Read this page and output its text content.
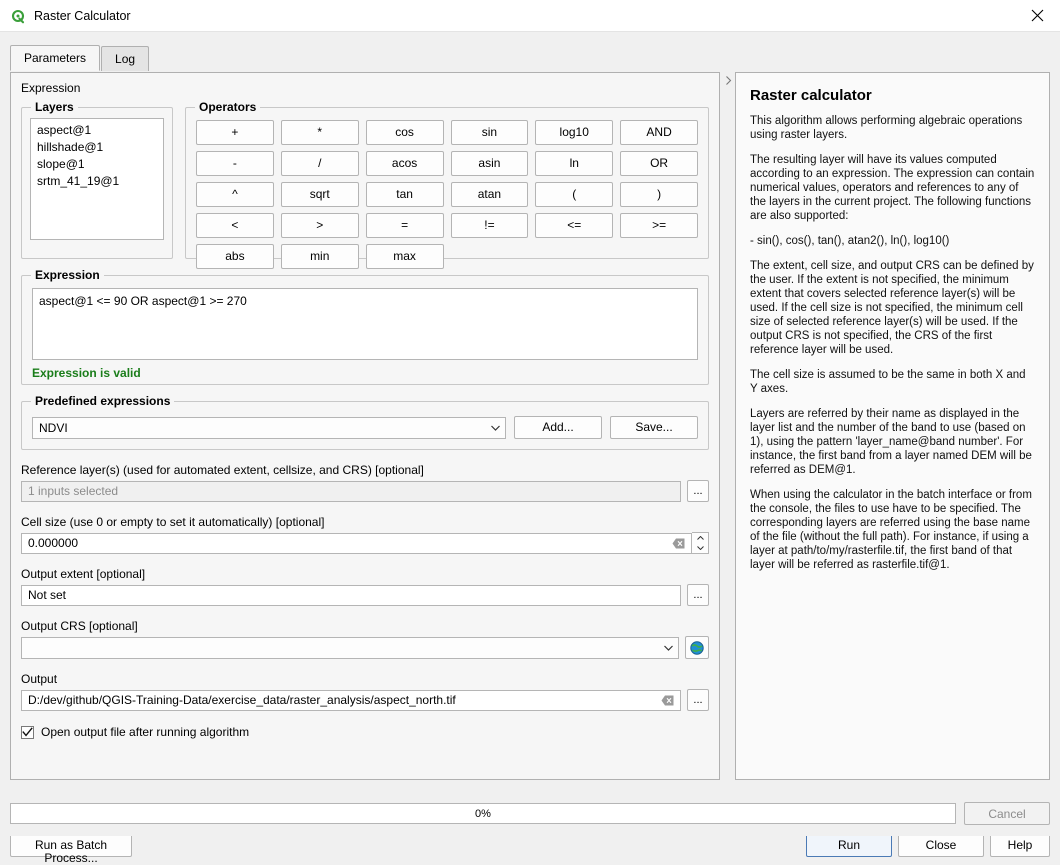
Raster Calculator
Parameters	Log
Expression
Layers
aspect@1
hillshade@1
slope@1
srtm_41_19@1
Operators
+	*	cos	sin	log10	AND
-	/	acos	asin	ln	OR
^	sqrt	tan	atan	(	)
<	>	=	!=	<=	>=
abs	min	max
Expression
aspect@1 <= 90 OR aspect@1 >= 270
Expression is valid
Predefined expressions
NDVI	Add...	Save...
Reference layer(s) (used for automated extent, cellsize, and CRS) [optional]
1 inputs selected	...
Cell size (use 0 or empty to set it automatically) [optional]
0.000000
Output extent [optional]
Not set	...
Output CRS [optional]
Output
D:/dev/github/QGIS-Training-Data/exercise_data/raster_analysis/aspect_north.tif	...
Open output file after running algorithm
Raster calculator

This algorithm allows performing algebraic operations using raster layers.

The resulting layer will have its values computed according to an expression. The expression can contain numerical values, operators and references to any of the layers in the current project. The following functions are also supported:

- sin(), cos(), tan(), atan2(), ln(), log10()

The extent, cell size, and output CRS can be defined by the user. If the extent is not specified, the minimum extent that covers selected reference layer(s) will be used. If the cell size is not specified, the minimum cell size of selected reference layer(s) will be used. If the output CRS is not specified, the CRS of the first reference layer will be used.

The cell size is assumed to be the same in both X and Y axes.

Layers are referred by their name as displayed in the layer list and the number of the band to use (based on 1), using the pattern 'layer_name@band number'. For instance, the first band from a layer named DEM will be referred as DEM@1.

When using the calculator in the batch interface or from the console, the files to use have to be specified. The corresponding layers are referred using the base name of the file (without the full path). For instance, if using a layer at path/to/my/rasterfile.tif, the first band of that layer will be referred as rasterfile.tif@1.

0%	Cancel
Run as Batch Process...
Run	Close	Help
